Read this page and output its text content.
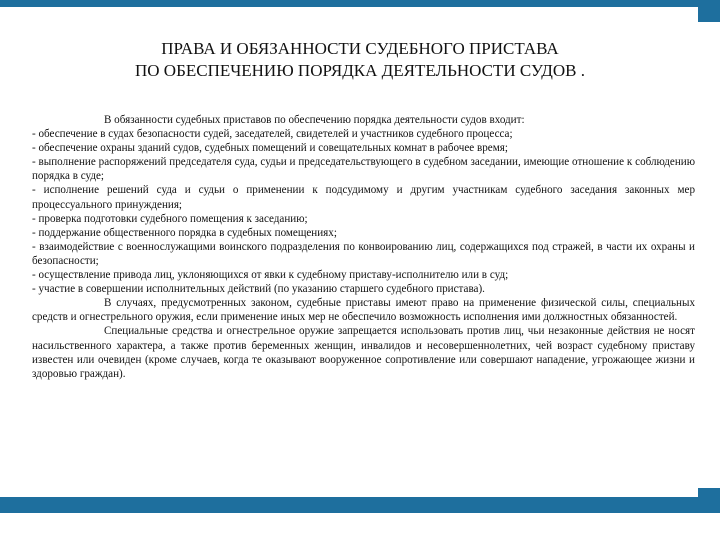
ПРАВА И ОБЯЗАННОСТИ СУДЕБНОГО ПРИСТАВА
ПО ОБЕСПЕЧЕНИЮ ПОРЯДКА ДЕЯТЕЛЬНОСТИ СУДОВ .

В обязанности судебных приставов по обеспечению порядка деятельности судов входит:

- обеспечение в судах безопасности судей, заседателей, свидетелей и участников судебного процесса;

- обеспечение охраны зданий судов, судебных помещений и совещательных комнат в рабочее время;

- выполнение распоряжений председателя суда, судьи и председательствующего в судебном заседании, имеющие отношение к соблюдению порядка в суде;

- исполнение решений суда и судьи о применении к подсудимому и другим участникам судебного заседания законных мер процессуального принуждения;

- проверка подготовки судебного помещения к заседанию;

- поддержание общественного порядка в судебных помещениях;

- взаимодействие с военнослужащими воинского подразделения по конвоированию лиц, содержащихся под стражей, в части их охраны и безопасности;

- осуществление привода лиц, уклоняющихся от явки к судебному приставу-исполнителю или в суд;

- участие в совершении исполнительных действий (по указанию старшего судебного пристава).

В случаях, предусмотренных законом, судебные приставы имеют право на применение физической силы, специальных средств и огнестрельного оружия, если применение иных мер не обеспечило возможность исполнения ими должностных обязанностей.

Специальные средства и огнестрельное оружие запрещается использовать против лиц, чьи незаконные действия не носят насильственного характера, а также против беременных женщин, инвалидов и несовершеннолетних, чей возраст судебному приставу известен или очевиден (кроме случаев, когда те оказывают вооруженное сопротивление или совершают нападение, угрожающее жизни и здоровью граждан).
